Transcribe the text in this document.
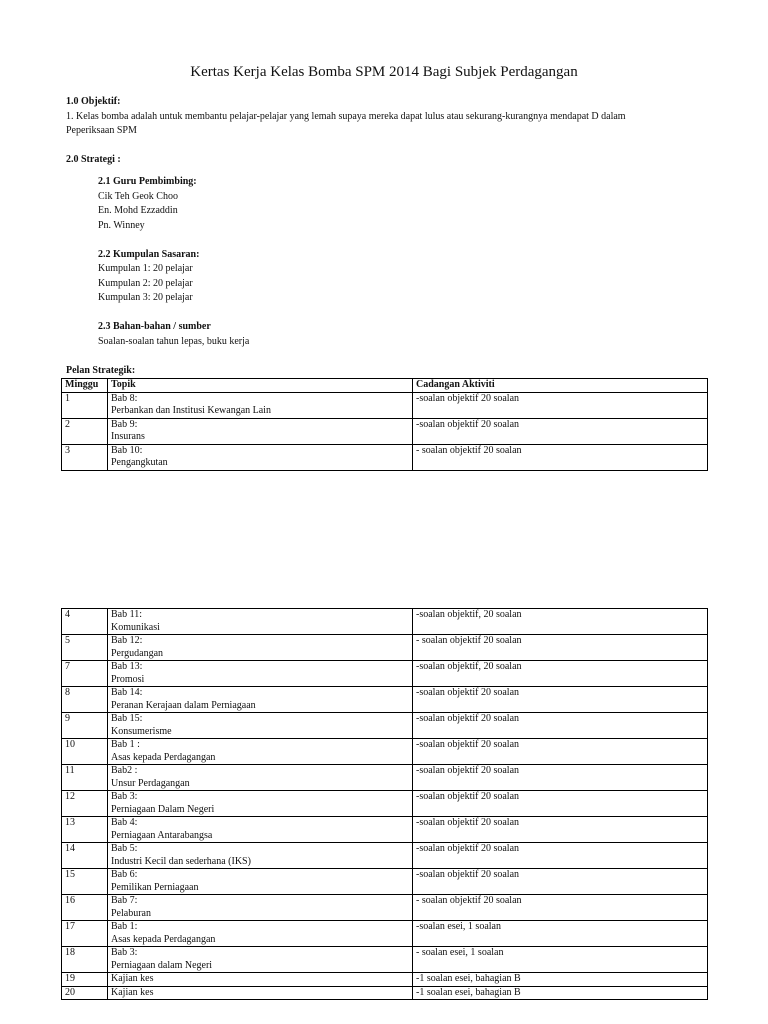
Kertas Kerja Kelas Bomba SPM 2014 Bagi Subjek Perdagangan
1.0 Objektif:
1. Kelas bomba adalah untuk membantu pelajar-pelajar yang lemah supaya mereka dapat lulus atau sekurang-kurangnya mendapat D dalam
Peperiksaan SPM
2.0 Strategi :
2.1 Guru Pembimbing:
Cik Teh Geok Choo
En. Mohd Ezzaddin
Pn. Winney
2.2 Kumpulan Sasaran:
Kumpulan 1: 20 pelajar
Kumpulan 2: 20 pelajar
Kumpulan 3: 20 pelajar
2.3 Bahan-bahan / sumber
Soalan-soalan tahun lepas, buku kerja
Pelan Strategik:
Minggu	Topik	Cadangan Aktiviti
1	Bab 8:
Perbankan dan Institusi Kewangan Lain	-soalan objektif 20 soalan
2	Bab 9:
Insurans	-soalan objektif 20 soalan
3	Bab 10:
Pengangkutan	- soalan objektif 20 soalan
4	Bab 11:
Komunikasi	-soalan objektif, 20 soalan
5	Bab 12:
Pergudangan	- soalan objektif 20 soalan
7	Bab 13:
Promosi	-soalan objektif, 20 soalan
8	Bab 14:
Peranan Kerajaan dalam Perniagaan	-soalan objektif 20 soalan
9	Bab 15:
Konsumerisme	-soalan objektif 20 soalan
10	Bab 1 :
Asas kepada Perdagangan	-soalan objektif 20 soalan
11	Bab2 :
Unsur Perdagangan	-soalan objektif 20 soalan
12	Bab 3:
Perniagaan Dalam Negeri	-soalan objektif 20 soalan
13	Bab 4:
Perniagaan Antarabangsa	-soalan objektif 20 soalan
14	Bab 5:
Industri Kecil dan sederhana (IKS)	-soalan objektif 20 soalan
15	Bab 6:
Pemilikan Perniagaan	-soalan objektif 20 soalan
16	Bab 7:
Pelaburan	- soalan objektif 20 soalan
17	Bab 1:
Asas kepada Perdagangan	-soalan esei, 1 soalan
18	Bab 3:
Perniagaan dalam Negeri	- soalan esei, 1 soalan
19	Kajian kes	-1 soalan esei, bahagian B
20	Kajian kes	-1 soalan esei, bahagian B
